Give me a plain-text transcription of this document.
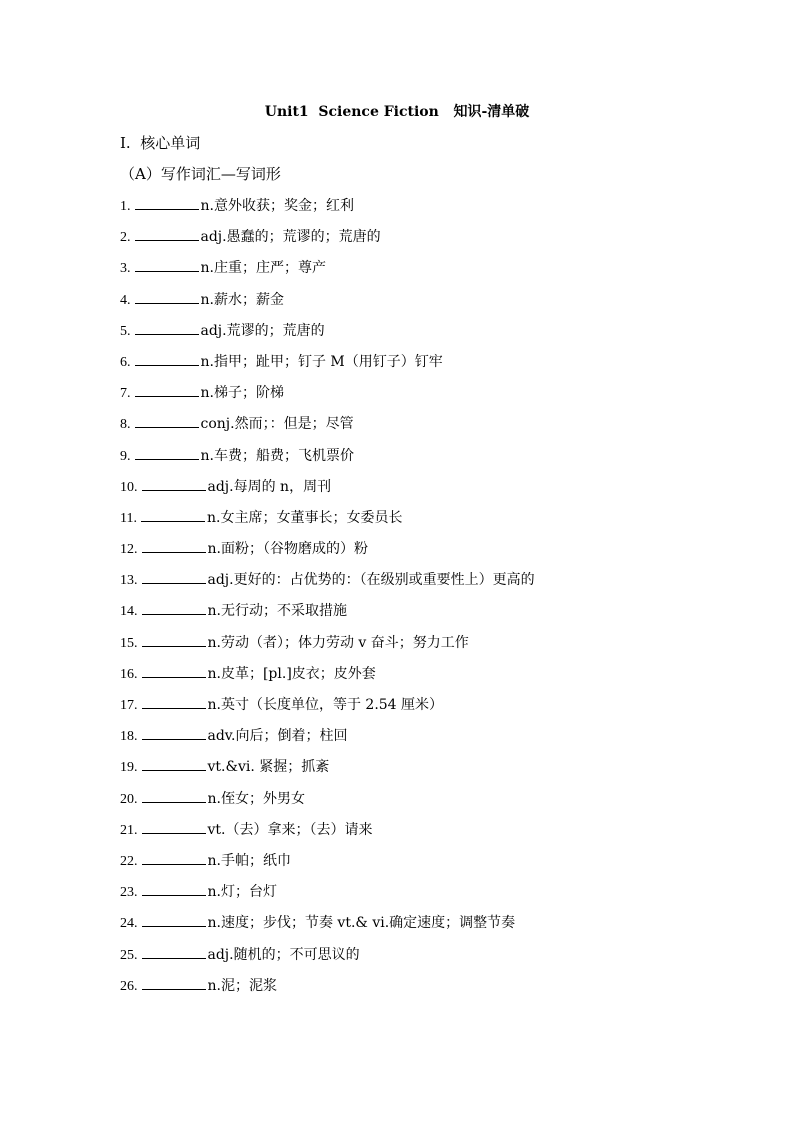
Unit1  Science Fiction   知识-清单破
I.  核心单词
（A）写作词汇—写词形
1.	n.意外收获；奖金；红利
2.	adj.愚蠢的；荒谬的；荒唐的
3.	n.庄重；庄严；尊产
4.	n.薪水；薪金
5.	adj.荒谬的；荒唐的
6.	n.指甲；趾甲；钉子 M（用钉子）钉牢
7.	n.梯子；阶梯
8.	conj.然而；：但是；尽管
9.	n.车费；船费；飞机票价
10.	adj.每周的 n，周刊
11.	n.女主席；女董事长；女委员长
12.	n.面粉；（谷物磨成的）粉
13.	adj.更好的：占优势的：（在级别或重要性上）更高的
14.	n.无行动；不采取措施
15.	n.劳动（者）；体力劳动 v 奋斗；努力工作
16.	n.皮革；[pl.]皮衣；皮外套
17.	n.英寸（长度单位，等于 2.54 厘米）
18.	adv.向后；倒着；柱回
19.	vt.&vi. 紧握；抓紊
20.	n.侄女；外男女
21.	vt.（去）拿来；（去）请来
22.	n.手帕；纸巾
23.	n.灯；台灯
24.	n.速度；步伐；节奏 vt.& vi.确定速度；调整节奏
25.	adj.随机的；不可思议的
26.	n.泥；泥浆
